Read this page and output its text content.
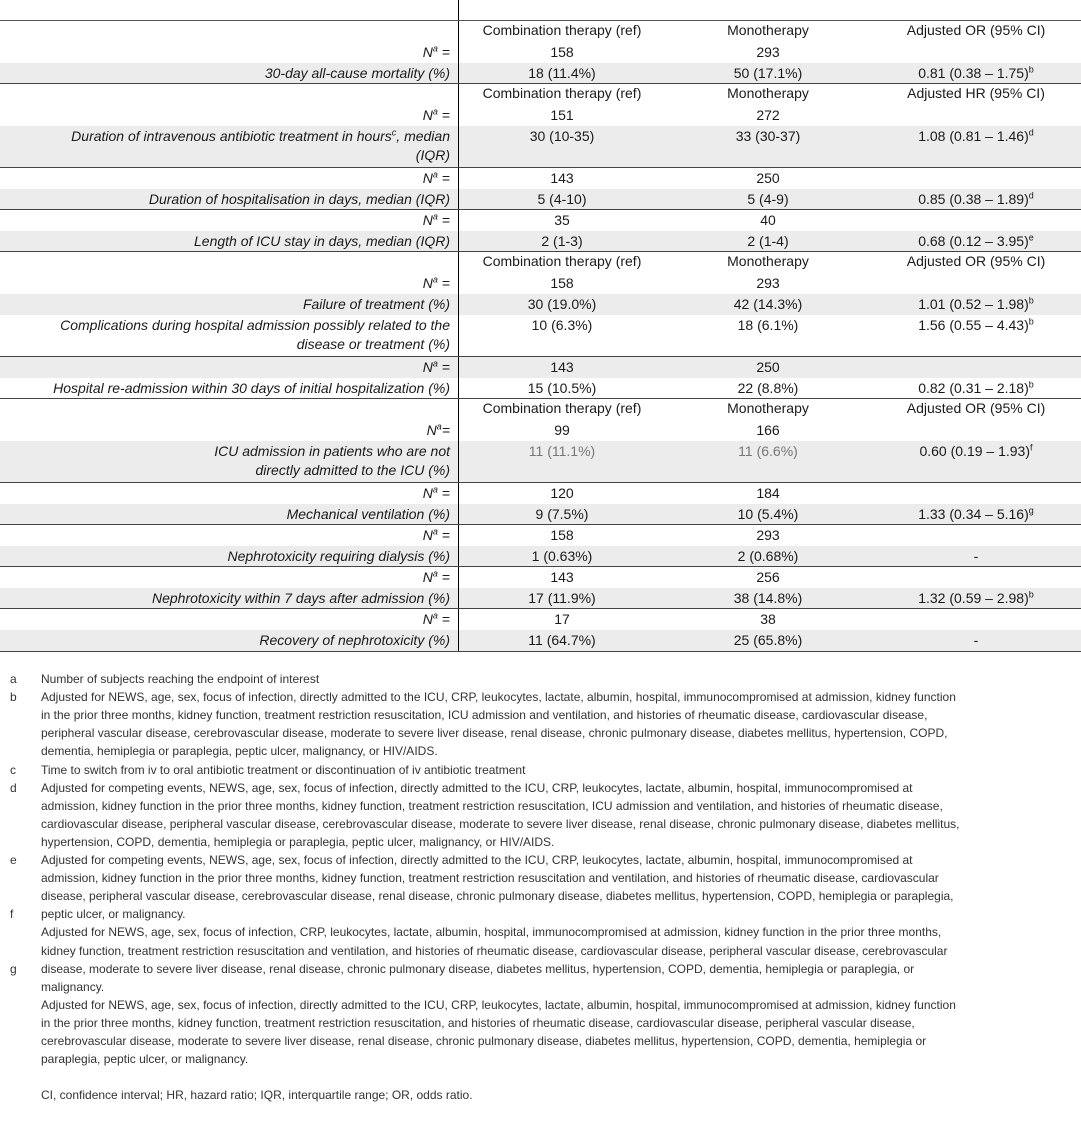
Combination therapy (ref)	Monotherapy	Adjusted OR (95% CI)
$N^a$ =	158	293
30-day all-cause mortality (%)	18 (11.4%)	50 (17.1%)	0.81 (0.38 – 1.75)$^b$
Combination therapy (ref)	Monotherapy	Adjusted HR (95% CI)
$N^a$ =	151	272
Duration of intravenous antibiotic treatment in hours$^c$, median
(IQR)
30 (10-35)	33 (30-37)	1.08 (0.81 – 1.46)$^d$
$N^a$ =	143	250
Duration of hospitalisation in days, median (IQR)	5 (4-10)	5 (4-9)	0.85 (0.38 – 1.89)$^d$
$N^a$ =	35	40
Length of ICU stay in days, median (IQR)	2 (1-3)	2 (1-4)	0.68 (0.12 – 3.95)$^e$
Combination therapy (ref)	Monotherapy	Adjusted OR (95% CI)
$N^a$ =	158	293
Failure of treatment (%)	30 (19.0%)	42 (14.3%)	1.01 (0.52 – 1.98)$^b$
Complications during hospital admission possibly related to the
disease or treatment (%)
10 (6.3%)	18 (6.1%)	1.56 (0.55 – 4.43)$^b$
$N^a$ =	143	250
Hospital re-admission within 30 days of initial hospitalization (%)	15 (10.5%)	22 (8.8%)	0.82 (0.31 – 2.18)$^b$
Combination therapy (ref)	Monotherapy	Adjusted OR (95% CI)
$N^a=$	99	166
ICU admission in patients who are not
directly admitted to the ICU (%)
11 (11.1%)	11 (6.6%)	0.60 (0.19 – 1.93)$^f$
$N^a$ =	120	184
Mechanical ventilation (%)	9 (7.5%)	10 (5.4%)	1.33 (0.34 – 5.16)$^g$
$N^a$ =	158	293
Nephrotoxicity requiring dialysis (%)	1 (0.63%)	2 (0.68%)	-
$N^a$ =	143	256
Nephrotoxicity within 7 days after admission (%)	17 (11.9%)	38 (14.8%)	1.32 (0.59 – 2.98)$^b$
$N^a$ =	17	38
Recovery of nephrotoxicity (%)	11 (64.7%)	25 (65.8%)	-
a
b
c
d
e
f
g
Number of subjects reaching the endpoint of interest
Adjusted for NEWS, age, sex, focus of infection, directly admitted to the ICU, CRP, leukocytes, lactate, albumin, hospital, immunocompromised at admission, kidney function
in the prior three months, kidney function, treatment restriction resuscitation, ICU admission and ventilation, and histories of rheumatic disease, cardiovascular disease,
peripheral vascular disease, cerebrovascular disease, moderate to severe liver disease, renal disease, chronic pulmonary disease, diabetes mellitus, hypertension, COPD,
dementia, hemiplegia or paraplegia, peptic ulcer, malignancy, or HIV/AIDS.
Time to switch from iv to oral antibiotic treatment or discontinuation of iv antibiotic treatment
Adjusted for competing events, NEWS, age, sex, focus of infection, directly admitted to the ICU, CRP, leukocytes, lactate, albumin, hospital, immunocompromised at
admission, kidney function in the prior three months, kidney function, treatment restriction resuscitation, ICU admission and ventilation, and histories of rheumatic disease,
cardiovascular disease, peripheral vascular disease, cerebrovascular disease, moderate to severe liver disease, renal disease, chronic pulmonary disease, diabetes mellitus,
hypertension, COPD, dementia, hemiplegia or paraplegia, peptic ulcer, malignancy, or HIV/AIDS.
Adjusted for competing events, NEWS, age, sex, focus of infection, directly admitted to the ICU, CRP, leukocytes, lactate, albumin, hospital, immunocompromised at
admission, kidney function in the prior three months, kidney function, treatment restriction resuscitation and ventilation, and histories of rheumatic disease, cardiovascular
disease, peripheral vascular disease, cerebrovascular disease, renal disease, chronic pulmonary disease, diabetes mellitus, hypertension, COPD, hemiplegia or paraplegia,
peptic ulcer, or malignancy.
Adjusted for NEWS, age, sex, focus of infection, CRP, leukocytes, lactate, albumin, hospital, immunocompromised at admission, kidney function in the prior three months,
kidney function, treatment restriction resuscitation and ventilation, and histories of rheumatic disease, cardiovascular disease, peripheral vascular disease, cerebrovascular
disease, moderate to severe liver disease, renal disease, chronic pulmonary disease, diabetes mellitus, hypertension, COPD, dementia, hemiplegia or paraplegia, or
malignancy.
Adjusted for NEWS, age, sex, focus of infection, directly admitted to the ICU, CRP, leukocytes, lactate, albumin, hospital, immunocompromised at admission, kidney function
in the prior three months, kidney function, treatment restriction resuscitation, and histories of rheumatic disease, cardiovascular disease, peripheral vascular disease,
cerebrovascular disease, moderate to severe liver disease, renal disease, chronic pulmonary disease, diabetes mellitus, hypertension, COPD, dementia, hemiplegia or
paraplegia, peptic ulcer, or malignancy.
CI, confidence interval; HR, hazard ratio; IQR, interquartile range; OR, odds ratio.
